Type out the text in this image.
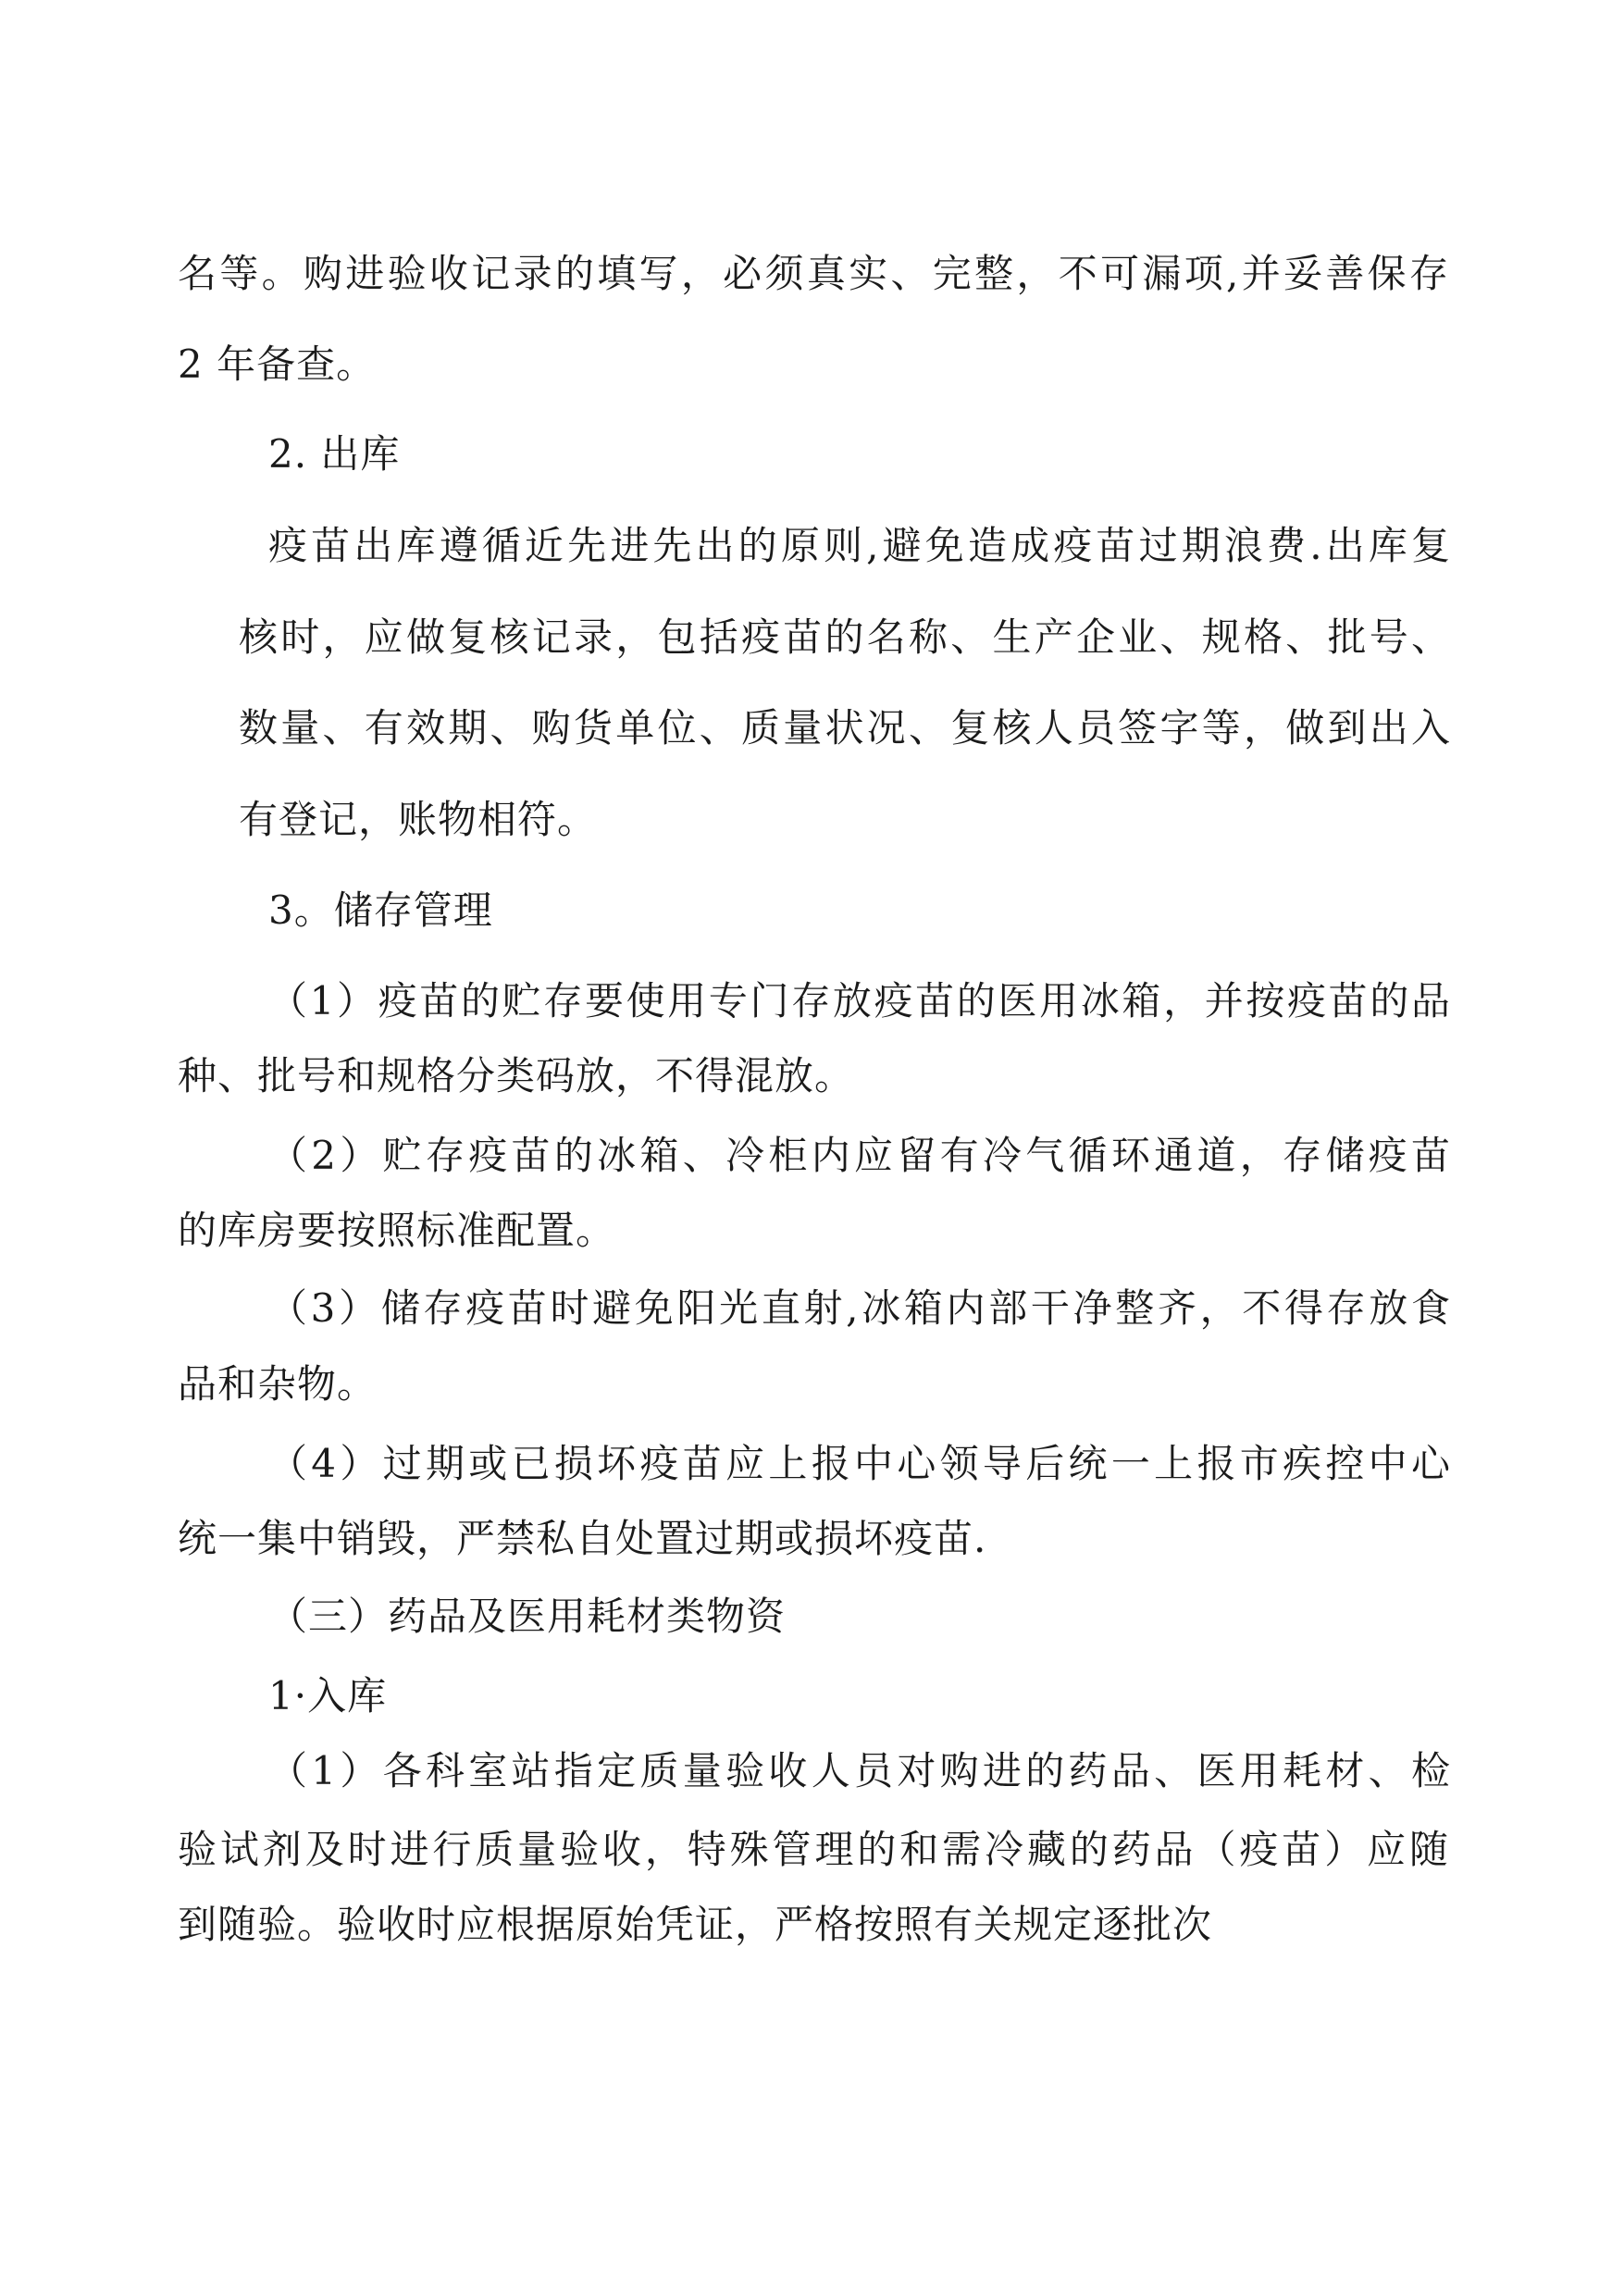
名等。购进验收记录的填写，必须真实、完整，不可漏项,并妥善保存

2 年备查。

2. 出库

疫苗出库遵循近先进先出的原则,避免造成疫苗过期浪费.出库复

核时，应做复核记录，包括疫苗的名称、生产企业、规格、批号、

数量、有效期、购货单位、质量状况、复核人员签字等，做到出入

有登记，账物相符。

3。储存管理

（1）疫苗的贮存要使用专门存放疫苗的医用冰箱，并按疫苗的品

种、批号和规格分类码放，不得混放。

（2）贮存疫苗的冰箱、冷柜内应留有冷气循环通道，存储疫苗

的库房要按照标准配置。

（3）储存疫苗时避免阳光直射,冰箱内部干净整齐，不得存放食

品和杂物。

（4）过期或已损坏疫苗应上报中心领导后统一上报市疾控中心

统一集中销毁，严禁私自处置过期或损坏疫苗.

（三）药品及医用耗材类物资

1·入库

（1）各科室站指定质量验收人员对购进的药品、医用耗材、检

验试剂及时进行质量验收，特殊管理的和需冷藏的药品（疫苗）应随

到随验。验收时应根据原始凭证，严格按照有关规定逐批次
